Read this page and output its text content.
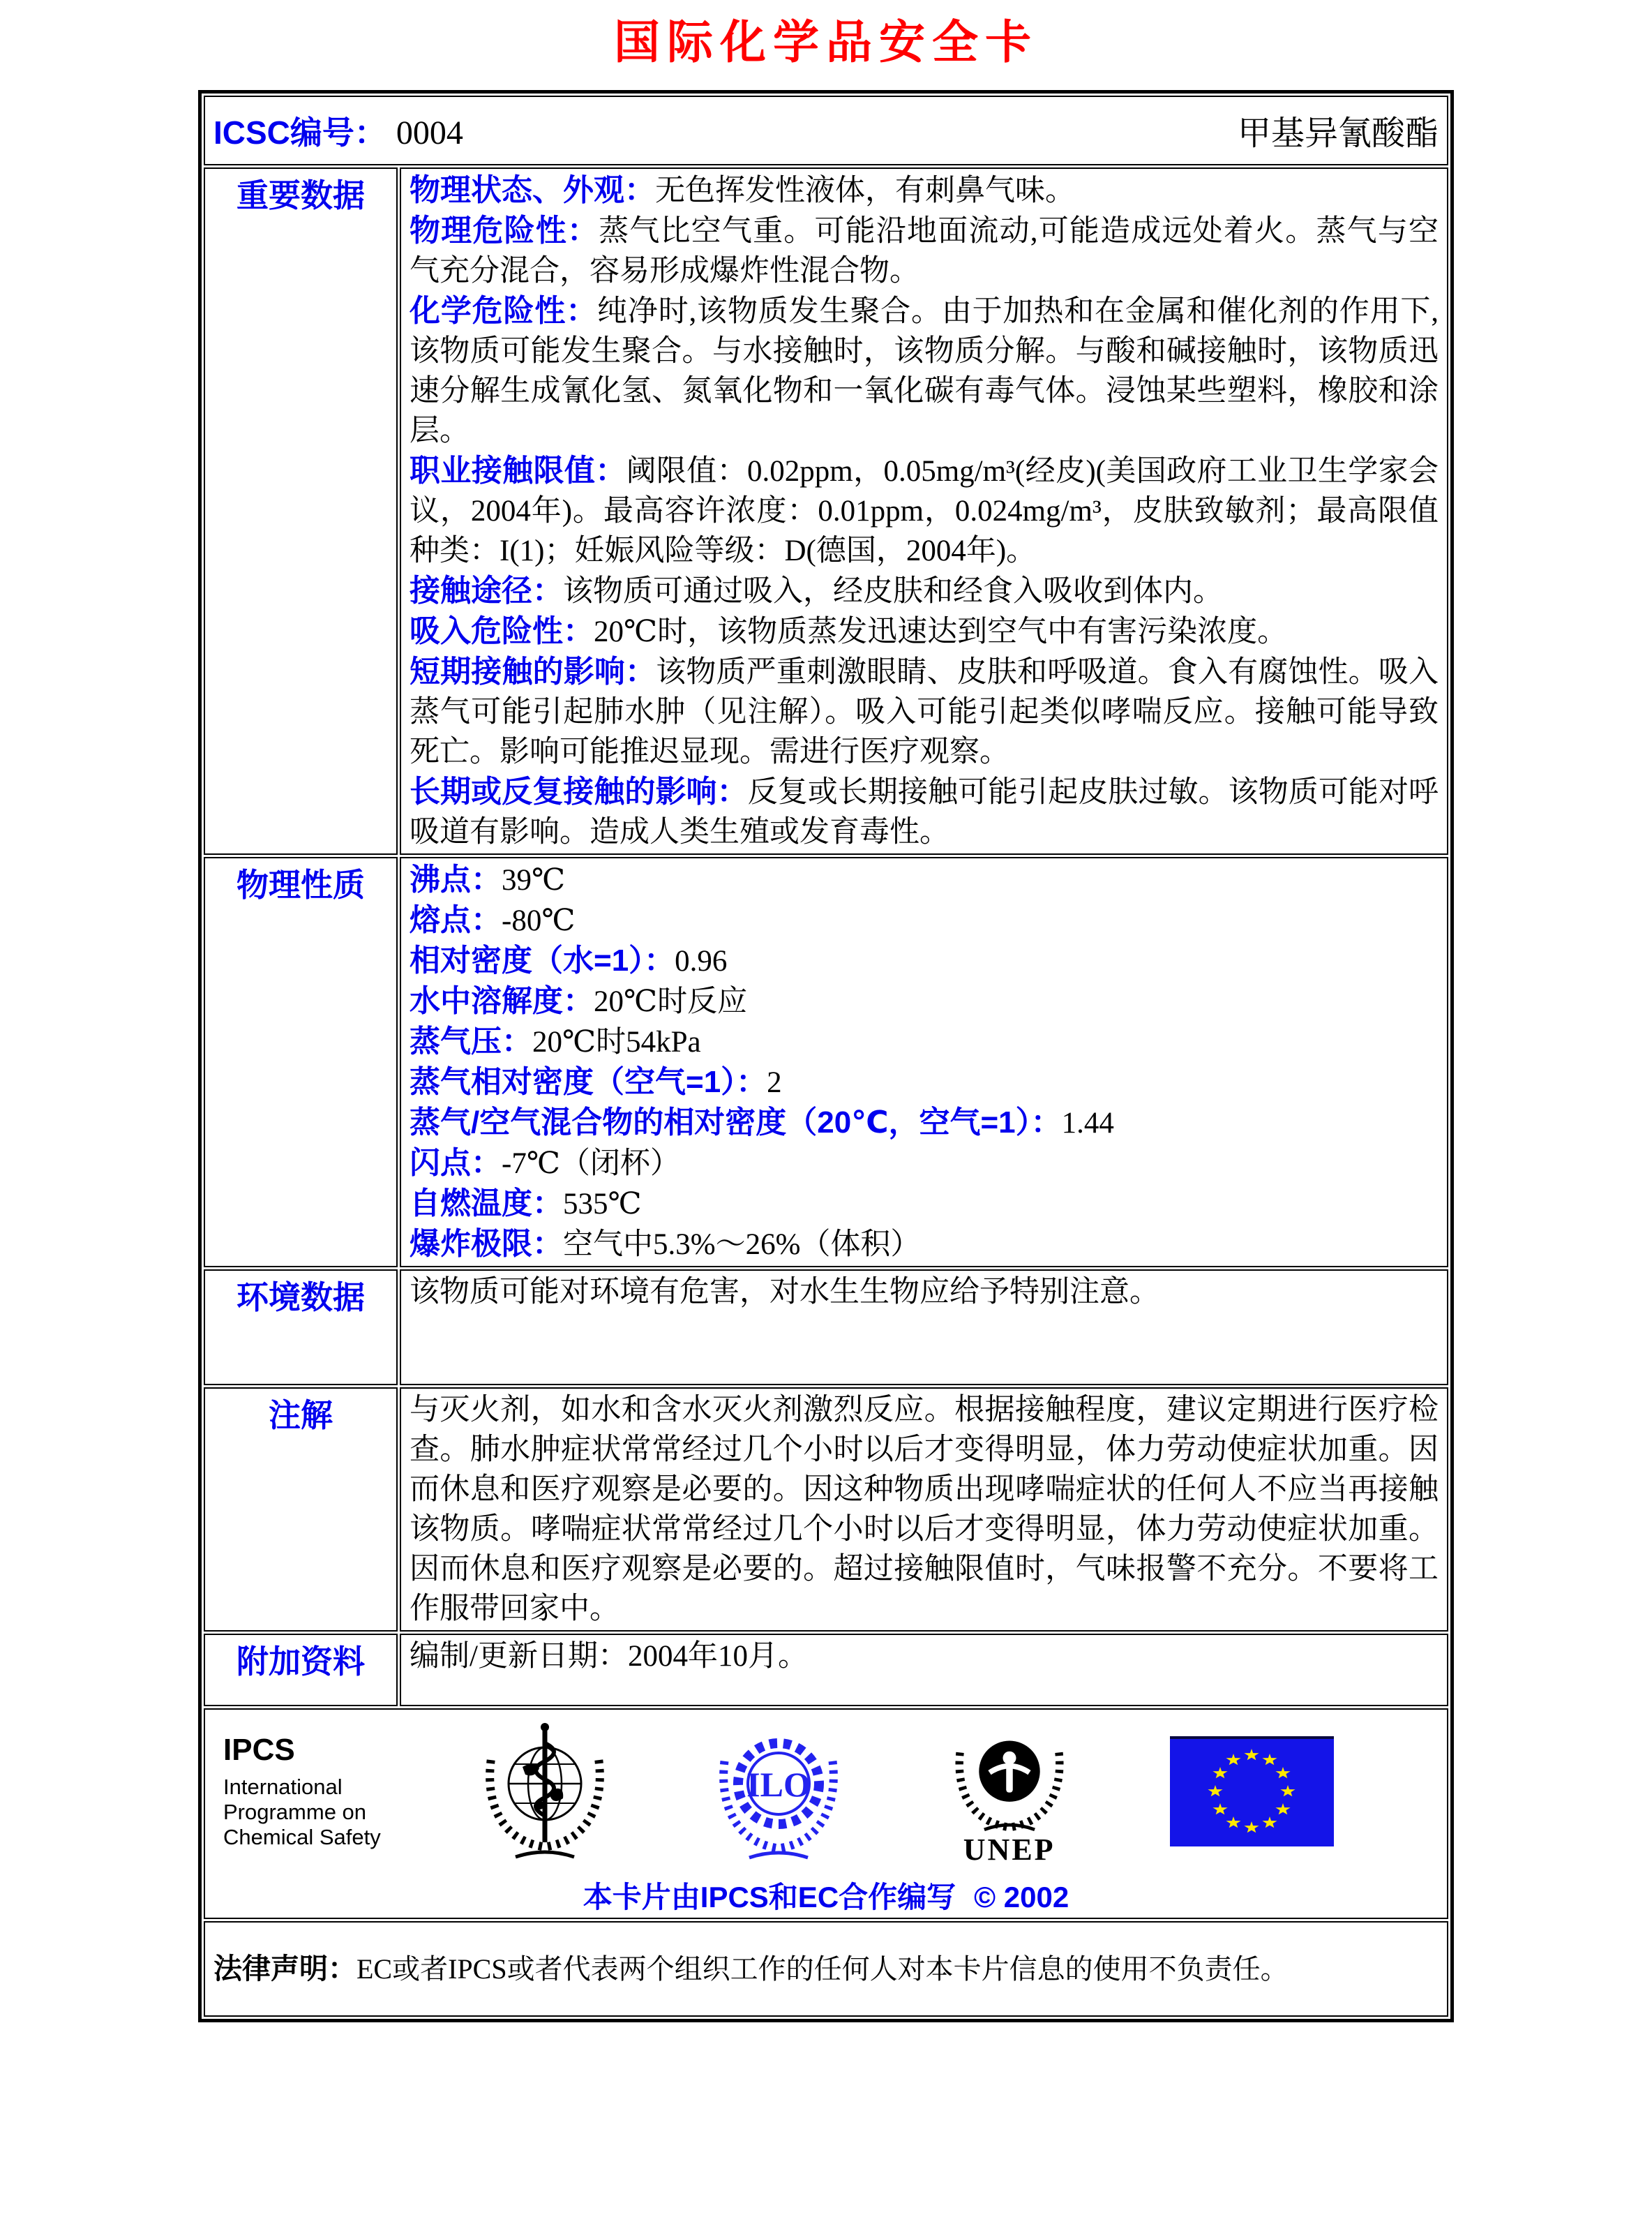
国际化学品安全卡
ICSC编号： 0004 甲基异氰酸酯	

重要数据	物理状态、外观：无色挥发性液体，有刺鼻气味。

物理危险性：蒸气比空气重。可能沿地面流动,可能造成远处着火。蒸气与空气充分混合，容易形成爆炸性混合物。

化学危险性：纯净时,该物质发生聚合。由于加热和在金属和催化剂的作用下,该物质可能发生聚合。与水接触时，该物质分解。与酸和碱接触时，该物质迅速分解生成氰化氢、氮氧化物和一氧化碳有毒气体。浸蚀某些塑料，橡胶和涂层。

职业接触限值：阈限值：0.02ppm，0.05mg/m³(经皮)(美国政府工业卫生学家会议，2004年)。最高容许浓度：0.01ppm，0.024mg/m³，皮肤致敏剂；最高限值种类：I(1)；妊娠风险等级：D(德国，2004年)。

接触途径：该物质可通过吸入，经皮肤和经食入吸收到体内。

吸入危险性：20℃时，该物质蒸发迅速达到空气中有害污染浓度。

短期接触的影响：该物质严重刺激眼睛、皮肤和呼吸道。食入有腐蚀性。吸入蒸气可能引起肺水肿（见注解）。吸入可能引起类似哮喘反应。接触可能导致死亡。影响可能推迟显现。需进行医疗观察。

长期或反复接触的影响：反复或长期接触可能引起皮肤过敏。该物质可能对呼吸道有影响。造成人类生殖或发育毒性。

物理性质	沸点：39℃

熔点：-80℃

相对密度（水=1）：0.96

水中溶解度：20℃时反应

蒸气压：20℃时54kPa

蒸气相对密度（空气=1）：2

蒸气/空气混合物的相对密度（20℃，空气=1）：1.44

闪点：-7℃（闭杯）

自燃温度：535℃

爆炸极限：空气中5.3%～26%（体积）

环境数据	该物质可能对环境有危害，对水生生物应给予特别注意。

注解	与灭火剂，如水和含水灭火剂激烈反应。根据接触程度，建议定期进行医疗检查。肺水肿症状常常经过几个小时以后才变得明显，体力劳动使症状加重。因而休息和医疗观察是必要的。因这种物质出现哮喘症状的任何人不应当再接触该物质。哮喘症状常常经过几个小时以后才变得明显，体力劳动使症状加重。因而休息和医疗观察是必要的。超过接触限值时，气味报警不充分。不要将工作服带回家中。

附加资料	编制/更新日期：2004年10月。

IPCS
International
Programme on
Chemical Safety
ILO
UNEP
本卡片由IPCS和EC合作编写 © 2002

法律声明：EC或者IPCS或者代表两个组织工作的任何人对本卡片信息的使用不负责任。	
